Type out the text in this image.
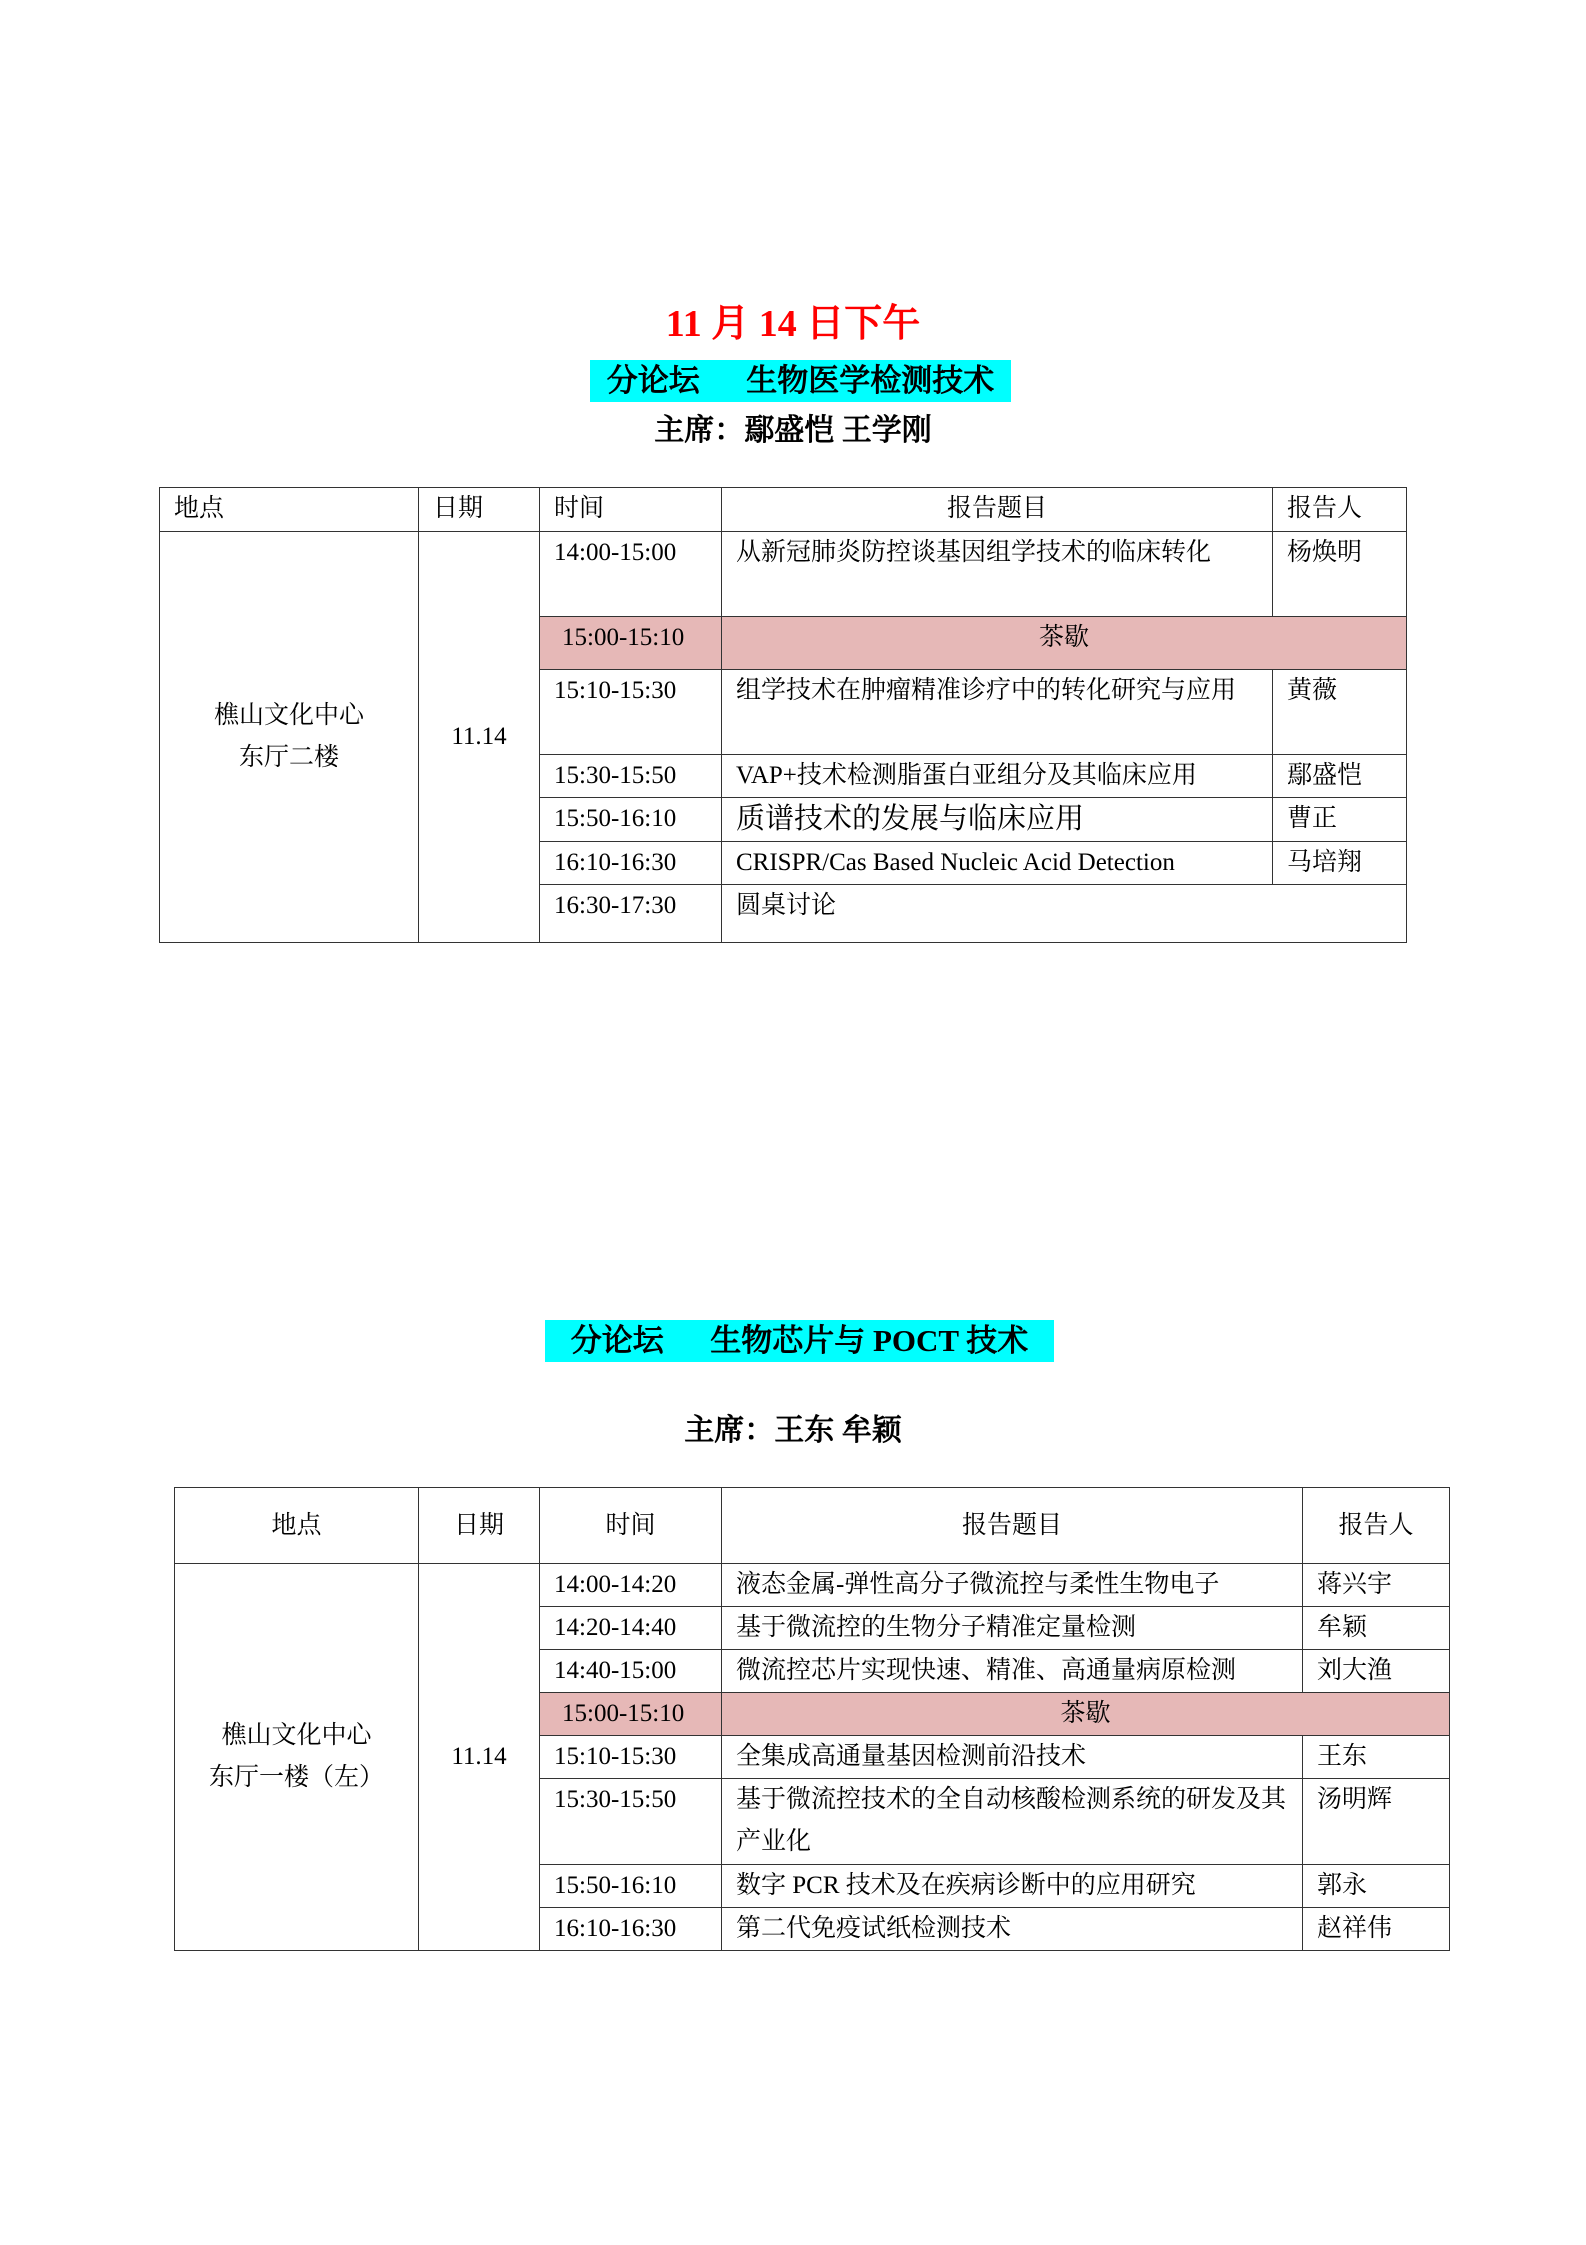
11 月 14 日下午
分论坛      生物医学检测技术
主席：鄢盛恺 王学刚
地点	日期	时间	报告题目	报告人
樵山文化中心
东厅二楼	11.14	14:00-15:00	从新冠肺炎防控谈基因组学技术的临床转化	杨焕明
		15:00-15:10	茶歇	
		15:10-15:30	组学技术在肿瘤精准诊疗中的转化研究与应用	黄薇
		15:30-15:50	VAP+技术检测脂蛋白亚组分及其临床应用	鄢盛恺
		15:50-16:10	质谱技术的发展与临床应用	曹正
		16:10-16:30	CRISPR/Cas Based Nucleic Acid Detection	马培翔
		16:30-17:30	圆桌讨论	
分论坛      生物芯片与 POCT 技术
主席：王东 牟颖
地点	日期	时间	报告题目	报告人
樵山文化中心
东厅一楼（左）	11.14	14:00-14:20	液态金属-弹性高分子微流控与柔性生物电子	蒋兴宇
		14:20-14:40	基于微流控的生物分子精准定量检测	牟颖
		14:40-15:00	微流控芯片实现快速、精准、高通量病原检测	刘大渔
		15:00-15:10	茶歇	
		15:10-15:30	全集成高通量基因检测前沿技术	王东
		15:30-15:50	基于微流控技术的全自动核酸检测系统的研发及其产业化	汤明辉
		15:50-16:10	数字 PCR 技术及在疾病诊断中的应用研究	郭永
		16:10-16:30	第二代免疫试纸检测技术	赵祥伟
